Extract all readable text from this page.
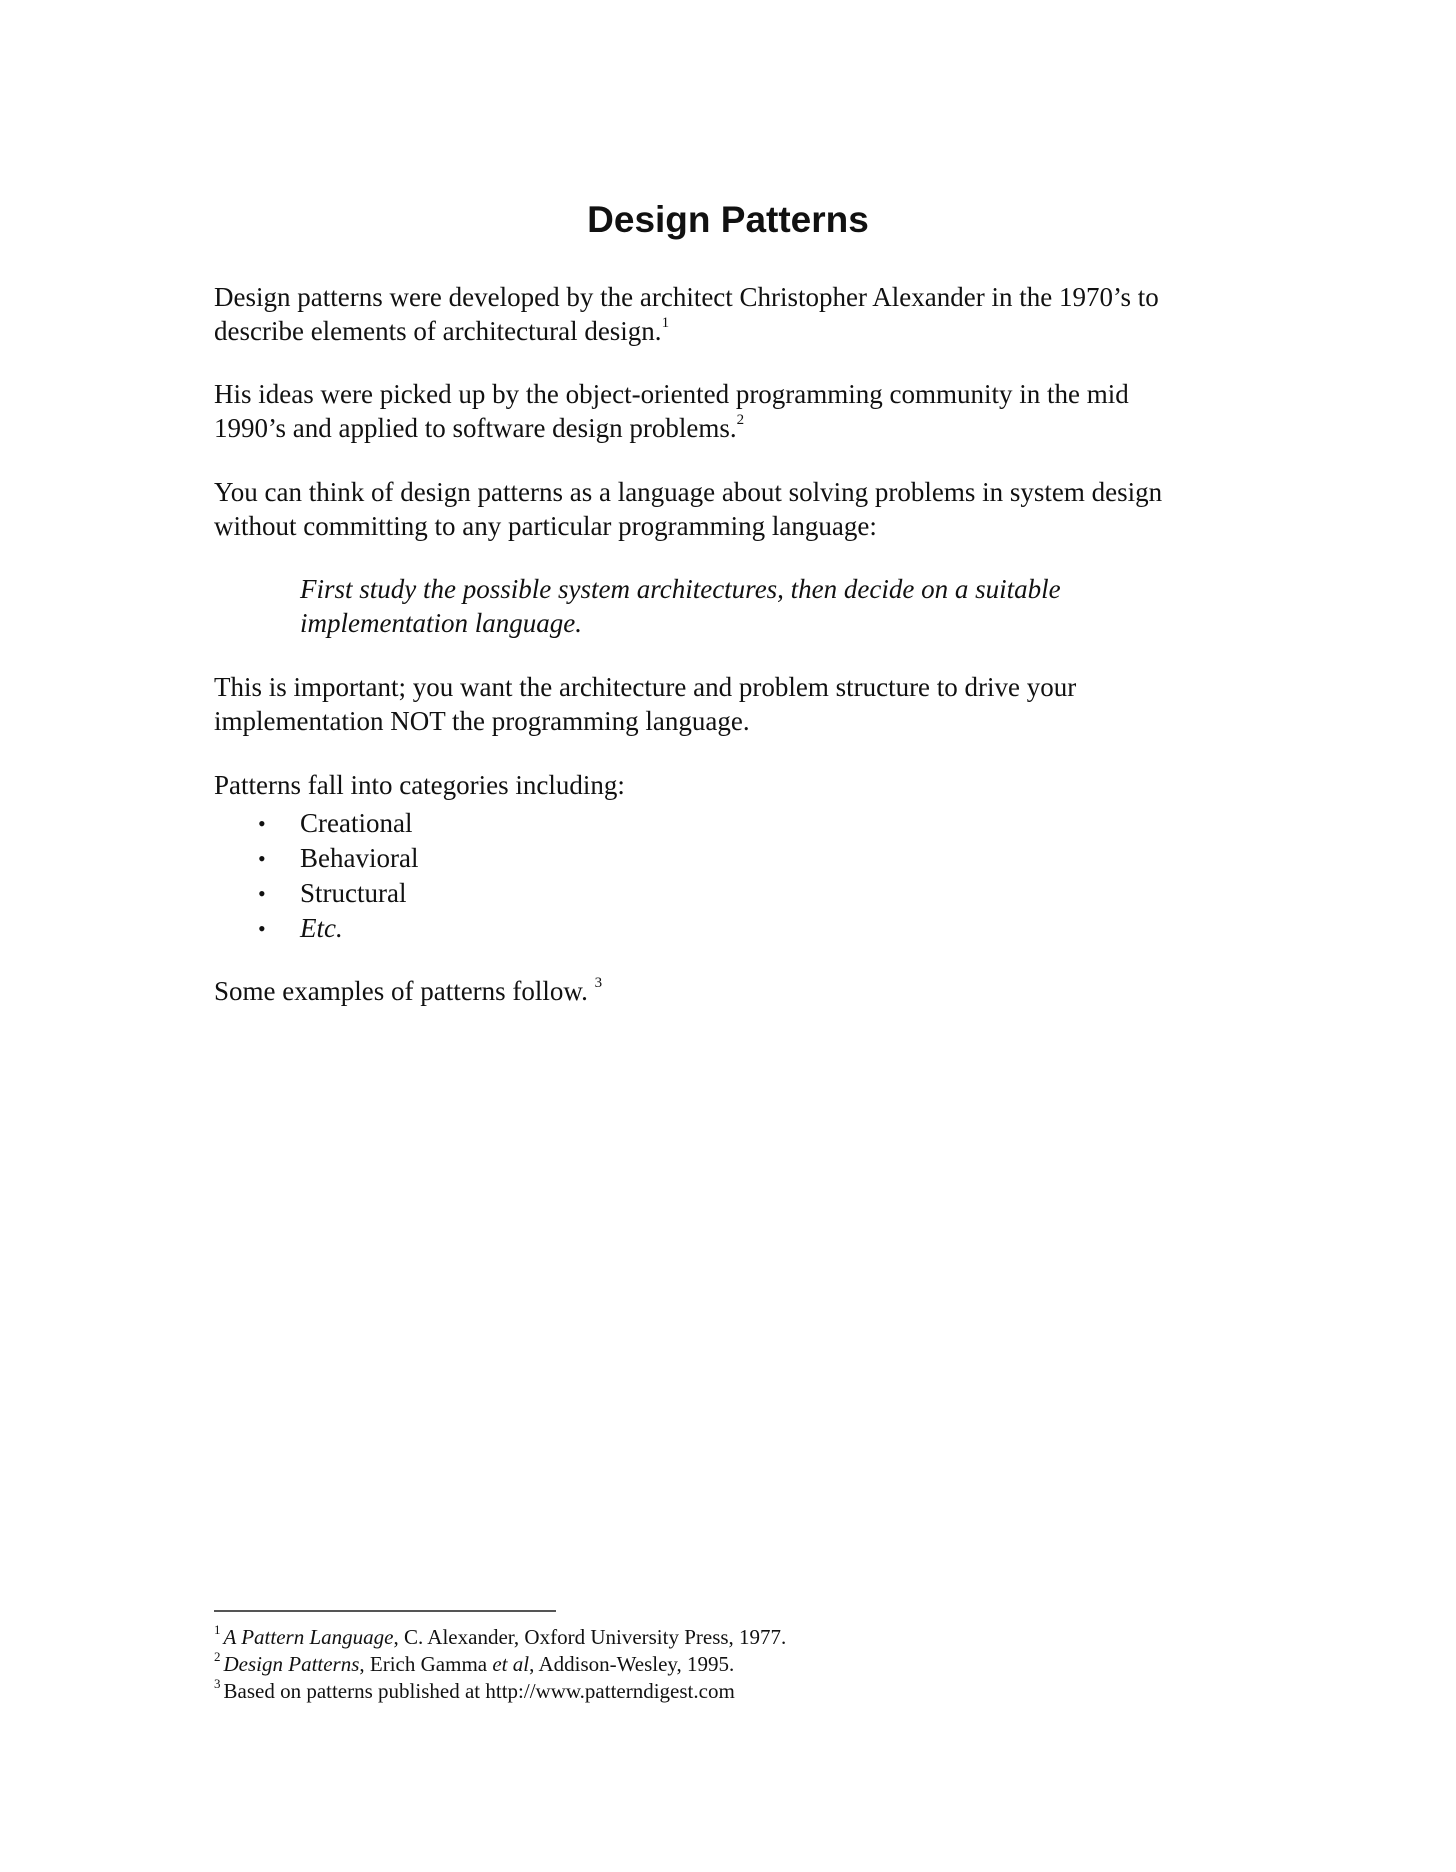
Design Patterns

Design patterns were developed by the architect Christopher Alexander in the 1970’s to
describe elements of architectural design.$^1$

His ideas were picked up by the object-oriented programming community in the mid
1990’s and applied to software design problems.$^2$

You can think of design patterns as a language about solving problems in system design
without committing to any particular programming language:

First study the possible system architectures, then decide on a suitable
implementation language.

This is important; you want the architecture and problem structure to drive your
implementation NOT the programming language.

Patterns fall into categories including:

• Creational
• Behavioral
• Structural
• Etc.

Some examples of patterns follow. $^3$

$^1$ A Pattern Language, C. Alexander, Oxford University Press, 1977.
$^2$ Design Patterns, Erich Gamma et al, Addison-Wesley, 1995.
$^3$ Based on patterns published at http://www.patterndigest.com
